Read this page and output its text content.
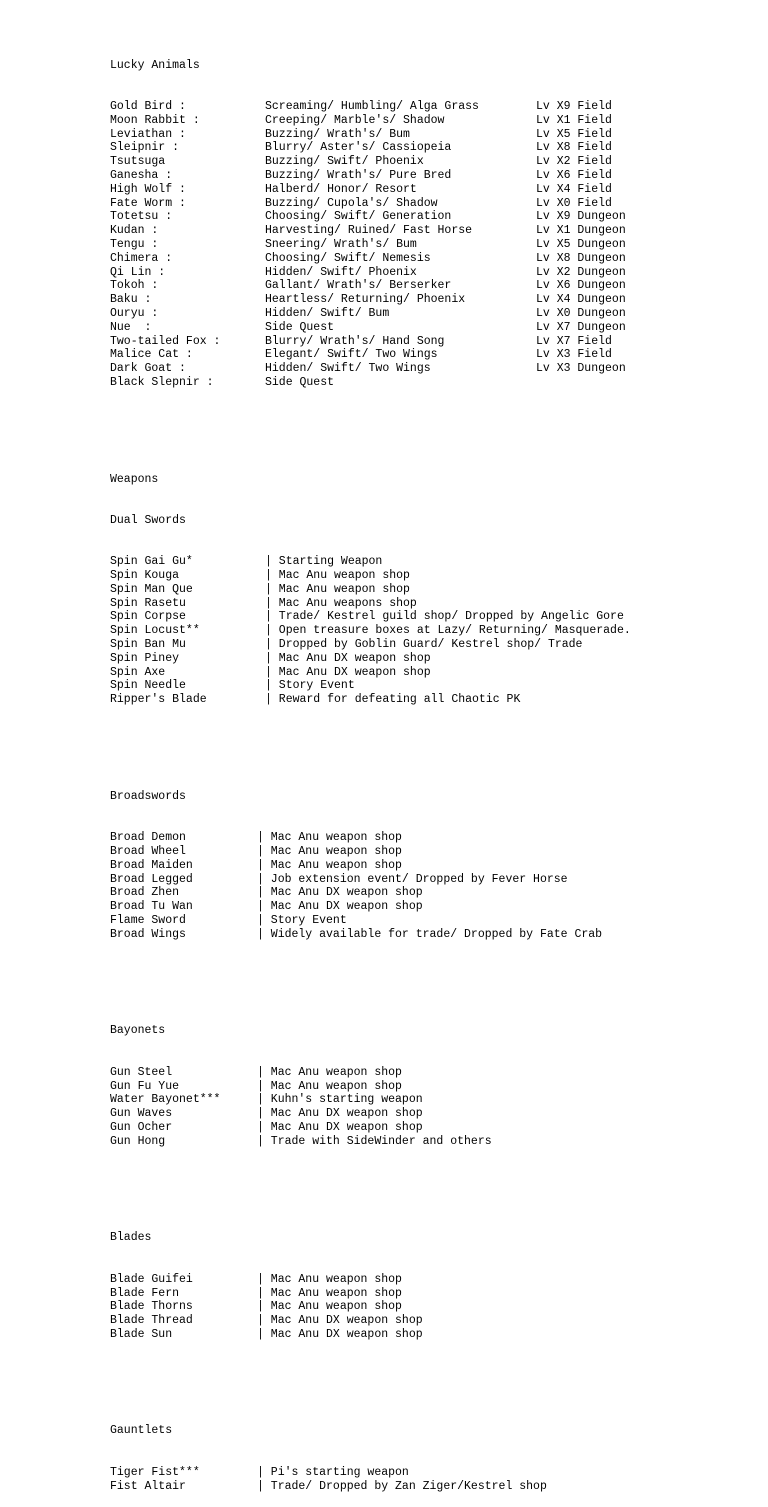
Lucky Animals

Gold Bird :	Screaming/ Humbling/ Alga Grass	Lv X9 Field
Moon Rabbit :	Creeping/ Marble's/ Shadow	Lv X1 Field
Leviathan :	Buzzing/ Wrath's/ Bum	Lv X5 Field
Sleipnir :	Blurry/ Aster's/ Cassiopeia	Lv X8 Field
Tsutsuga	Buzzing/ Swift/ Phoenix	Lv X2 Field
Ganesha :	Buzzing/ Wrath's/ Pure Bred	Lv X6 Field
High Wolf :	Halberd/ Honor/ Resort	Lv X4 Field
Fate Worm :	Buzzing/ Cupola's/ Shadow	Lv X0 Field
Totetsu :	Choosing/ Swift/ Generation	Lv X9 Dungeon
Kudan :	Harvesting/ Ruined/ Fast Horse	Lv X1 Dungeon
Tengu :	Sneering/ Wrath's/ Bum	Lv X5 Dungeon
Chimera :	Choosing/ Swift/ Nemesis	Lv X8 Dungeon
Qi Lin :	Hidden/ Swift/ Phoenix	Lv X2 Dungeon
Tokoh :	Gallant/ Wrath's/ Berserker	Lv X6 Dungeon
Baku :	Heartless/ Returning/ Phoenix	Lv X4 Dungeon
Ouryu :	Hidden/ Swift/ Bum	Lv X0 Dungeon
Nue  :	Side Quest	Lv X7 Dungeon
Two-tailed Fox :	Blurry/ Wrath's/ Hand Song	Lv X7 Field
Malice Cat :	Elegant/ Swift/ Two Wings	Lv X3 Field
Dark Goat :	Hidden/ Swift/ Two Wings	Lv X3 Dungeon
Black Slepnir :	Side Quest

Weapons

Dual Swords

Spin Gai Gu*	| Starting Weapon
Spin Kouga	| Mac Anu weapon shop
Spin Man Que	| Mac Anu weapon shop
Spin Rasetu	| Mac Anu weapons shop
Spin Corpse	| Trade/ Kestrel guild shop/ Dropped by Angelic Gore
Spin Locust**	| Open treasure boxes at Lazy/ Returning/ Masquerade.
Spin Ban Mu	| Dropped by Goblin Guard/ Kestrel shop/ Trade
Spin Piney	| Mac Anu DX weapon shop
Spin Axe	| Mac Anu DX weapon shop
Spin Needle	| Story Event
Ripper's Blade	| Reward for defeating all Chaotic PK

Broadswords

Broad Demon	| Mac Anu weapon shop
Broad Wheel	| Mac Anu weapon shop
Broad Maiden	| Mac Anu weapon shop
Broad Legged	| Job extension event/ Dropped by Fever Horse
Broad Zhen	| Mac Anu DX weapon shop
Broad Tu Wan	| Mac Anu DX weapon shop
Flame Sword	| Story Event
Broad Wings	| Widely available for trade/ Dropped by Fate Crab

Bayonets

Gun Steel	| Mac Anu weapon shop
Gun Fu Yue	| Mac Anu weapon shop
Water Bayonet***	| Kuhn's starting weapon
Gun Waves	| Mac Anu DX weapon shop
Gun Ocher	| Mac Anu DX weapon shop
Gun Hong	| Trade with SideWinder and others

Blades

Blade Guifei	| Mac Anu weapon shop
Blade Fern	| Mac Anu weapon shop
Blade Thorns	| Mac Anu weapon shop
Blade Thread	| Mac Anu DX weapon shop
Blade Sun	| Mac Anu DX weapon shop

Gauntlets

Tiger Fist***	| Pi's starting weapon
Fist Altair	| Trade/ Dropped by Zan Ziger/Kestrel shop
